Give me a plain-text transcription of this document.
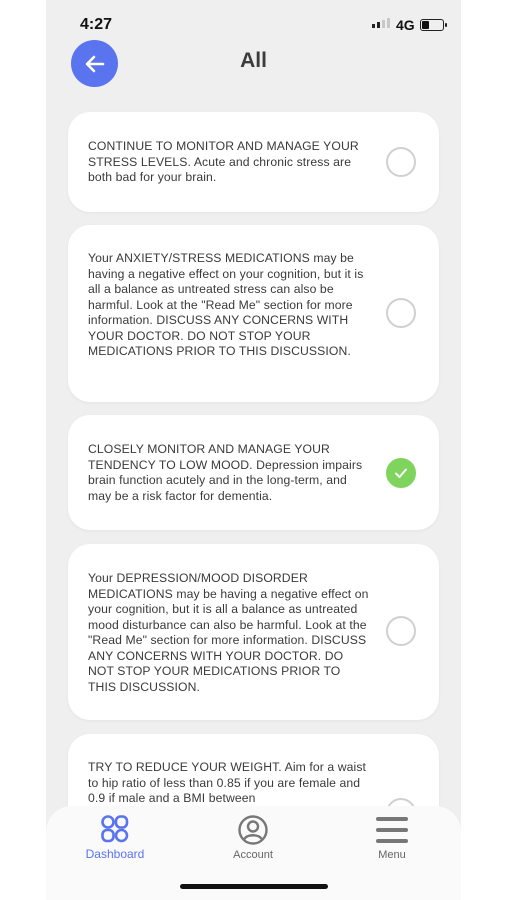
4:27	4G
All
CONTINUE TO MONITOR AND MANAGE YOUR STRESS LEVELS. Acute and chronic stress are both bad for your brain.
Your ANXIETY/STRESS MEDICATIONS may be having a negative effect on your cognition, but it is all a balance as untreated stress can also be harmful. Look at the "Read Me" section for more information. DISCUSS ANY CONCERNS WITH YOUR DOCTOR. DO NOT STOP YOUR MEDICATIONS PRIOR TO THIS DISCUSSION.
CLOSELY MONITOR AND MANAGE YOUR TENDENCY TO LOW MOOD. Depression impairs brain function acutely and in the long-term, and may be a risk factor for dementia.
Your DEPRESSION/MOOD DISORDER MEDICATIONS may be having a negative effect on your cognition, but it is all a balance as untreated mood disturbance can also be harmful. Look at the "Read Me" section for more information. DISCUSS ANY CONCERNS WITH YOUR DOCTOR. DO NOT STOP YOUR MEDICATIONS PRIOR TO THIS DISCUSSION.
TRY TO REDUCE YOUR WEIGHT. Aim for a waist to hip ratio of less than 0.85 if you are female and 0.9 if male and a BMI between
Dashboard	Account	Menu
